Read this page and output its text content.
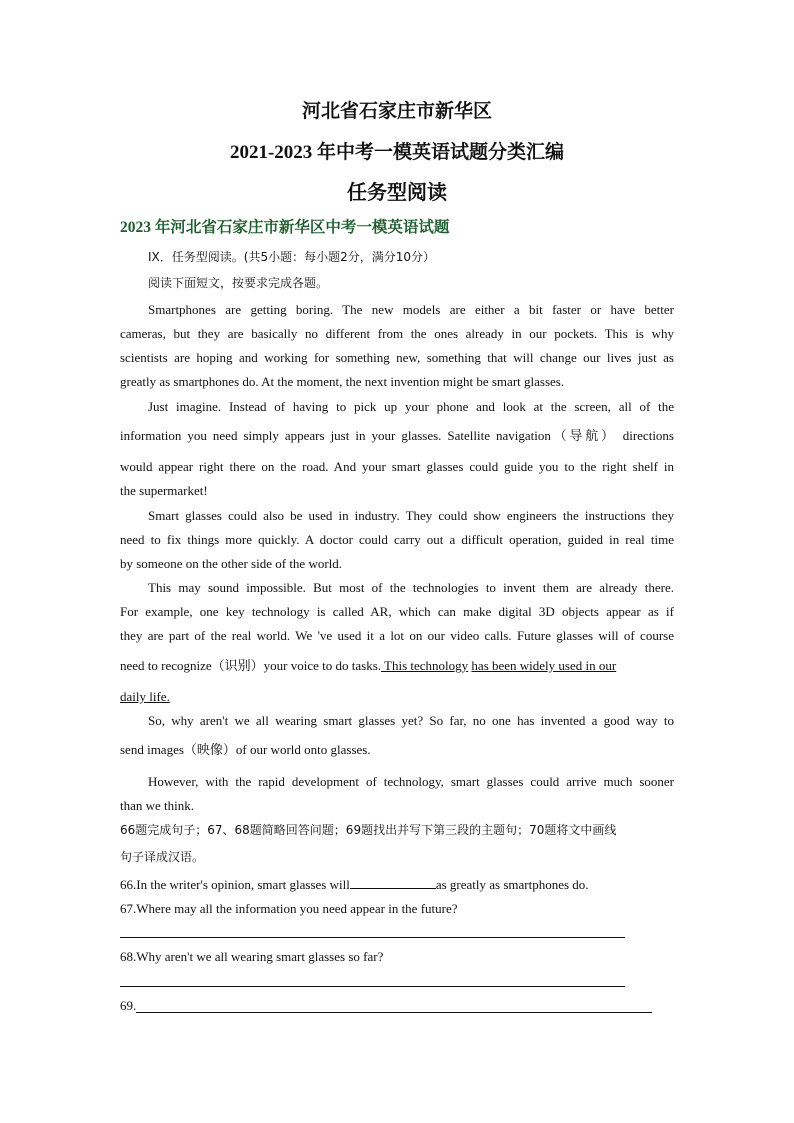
河北省石家庄市新华区
2021-2023 年中考一模英语试题分类汇编
任务型阅读
2023 年河北省石家庄市新华区中考一模英语试题
IX．任务型阅读。(共5小题：每小题2分，满分10分）
阅读下面短文，按要求完成各题。
Smartphones are getting boring. The new models are either a bit faster or have better
cameras, but they are basically no different from the ones already in our pockets. This is why
scientists are hoping and working for something new, something that will change our lives just as
greatly as smartphones do. At the moment, the next invention might be smart glasses.
Just imagine. Instead of having to pick up your phone and look at the screen, all of the
information you need simply appears just in your glasses. Satellite navigation（导航） directions
would appear right there on the road. And your smart glasses could guide you to the right shelf in
the supermarket!
Smart glasses could also be used in industry. They could show engineers the instructions they
need to fix things more quickly. A doctor could carry out a difficult operation, guided in real time
by someone on the other side of the world.
This may sound impossible. But most of the technologies to invent them are already there.
For example, one key technology is called AR, which can make digital 3D objects appear as if
they are part of the real world. We 've used it a lot on our video calls. Future glasses will of course
need to recognize（识别）your voice to do tasks. This technology has been widely used in our
daily life.
So, why aren't we all wearing smart glasses yet? So far, no one has invented a good way to
send images（映像）of our world onto glasses.
However, with the rapid development of technology, smart glasses could arrive much sooner
than we think.
66题完成句子；67、68题简略回答问题；69题找出并写下第三段的主题句；70题将文中画线
句子译成汉语。
66.In the writer's opinion, smart glasses will	as greatly as smartphones do.
67.Where may all the information you need appear in the future?
68.Why aren't we all wearing smart glasses so far?
69.
